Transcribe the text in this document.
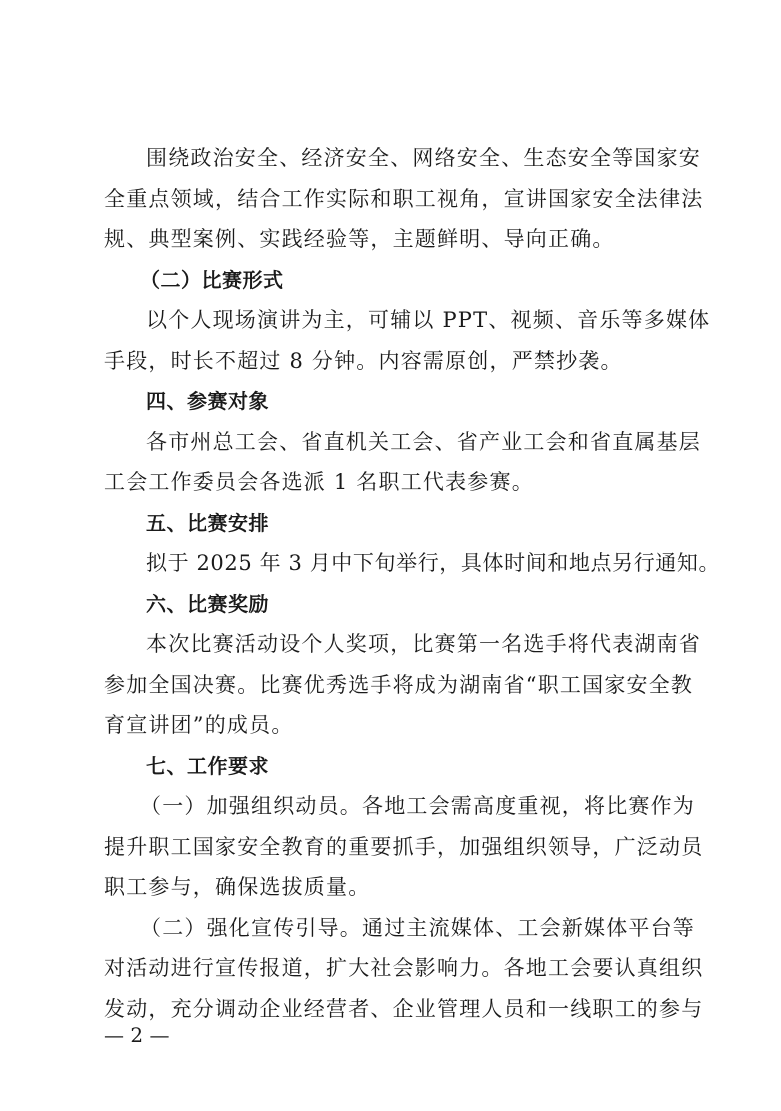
围绕政治安全、经济安全、网络安全、生态安全等国家安
全重点领域，结合工作实际和职工视角，宣讲国家安全法律法
规、典型案例、实践经验等，主题鲜明、导向正确。

（二）比赛形式

以个人现场演讲为主，可辅以 PPT、视频、音乐等多媒体
手段，时长不超过 8 分钟。内容需原创，严禁抄袭。

四、参赛对象

各市州总工会、省直机关工会、省产业工会和省直属基层
工会工作委员会各选派 1 名职工代表参赛。

五、比赛安排

拟于 2025 年 3 月中下旬举行，具体时间和地点另行通知。

六、比赛奖励

本次比赛活动设个人奖项，比赛第一名选手将代表湖南省
参加全国决赛。比赛优秀选手将成为湖南省“职工国家安全教
育宣讲团”的成员。

七、工作要求

（一）加强组织动员。各地工会需高度重视，将比赛作为
提升职工国家安全教育的重要抓手，加强组织领导，广泛动员
职工参与，确保选拔质量。

（二）强化宣传引导。通过主流媒体、工会新媒体平台等
对活动进行宣传报道，扩大社会影响力。各地工会要认真组织
发动，充分调动企业经营者、企业管理人员和一线职工的参与

— 2 —
